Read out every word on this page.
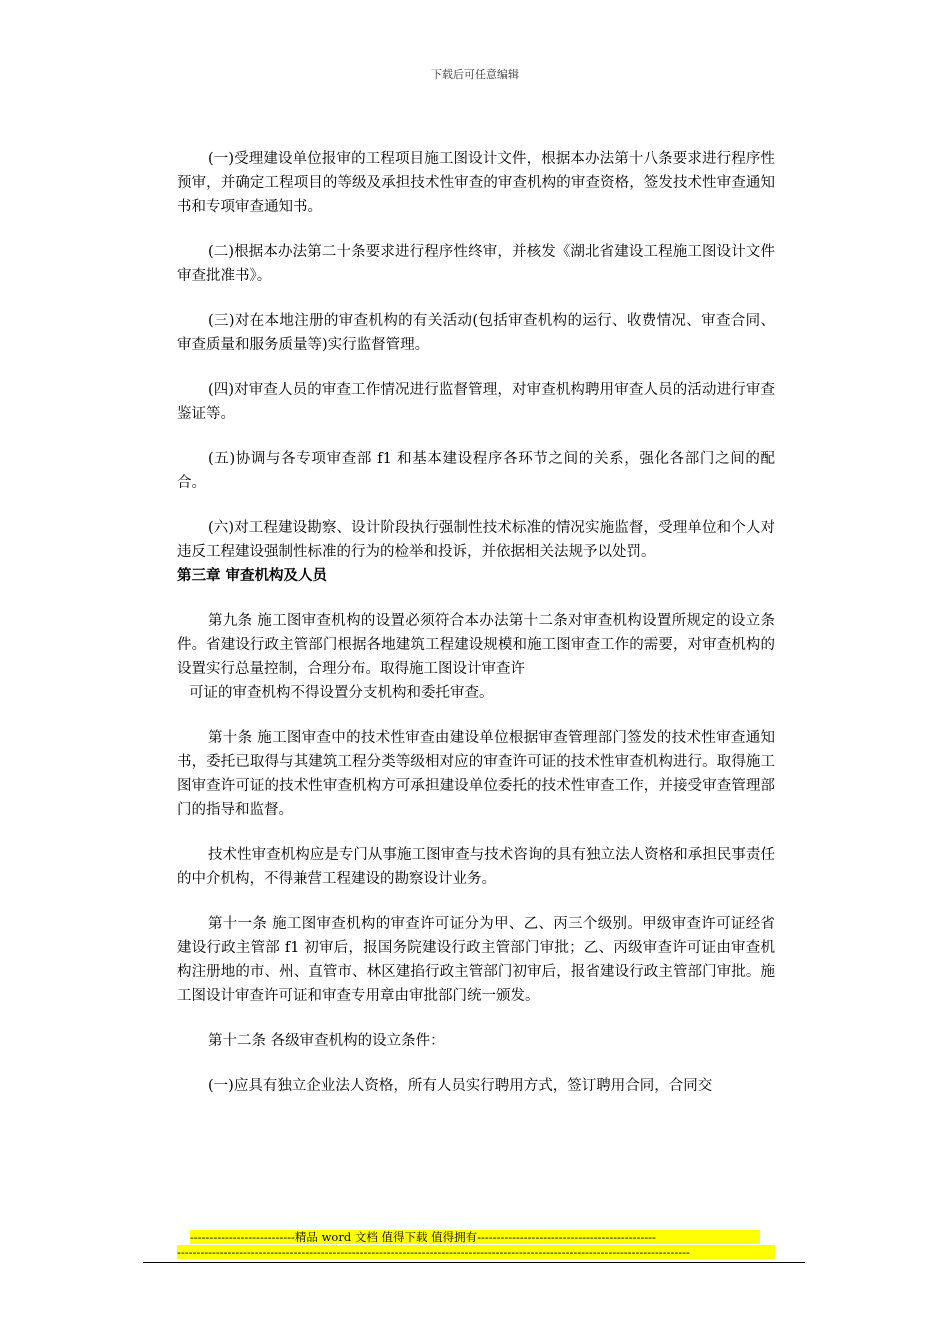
下载后可任意编辑

(一)受理建设单位报审的工程项目施工图设计文件，根据本办法第十八条要求进行程序性预审，并确定工程项目的等级及承担技术性审查的审查机构的审查资格，签发技术性审查通知书和专项审查通知书。

(二)根据本办法第二十条要求进行程序性终审，并核发《湖北省建设工程施工图设计文件审查批准书》。

(三)对在本地注册的审查机构的有关活动(包括审查机构的运行、收费情况、审查合同、审查质量和服务质量等)实行监督管理。

(四)对审查人员的审查工作情况进行监督管理，对审查机构聘用审查人员的活动进行审查鉴证等。

(五)协调与各专项审查部 f1 和基本建设程序各环节之间的关系，强化各部门之间的配合。

(六)对工程建设勘察、设计阶段执行强制性技术标准的情况实施监督，受理单位和个人对违反工程建设强制性标准的行为的检举和投诉，并依据相关法规予以处罚。

第三章 审查机构及人员

第九条 施工图审查机构的设置必须符合本办法第十二条对审查机构设置所规定的设立条件。省建设行政主管部门根据各地建筑工程建设规模和施工图审查工作的需要，对审查机构的设置实行总量控制，合理分布。取得施工图设计审查许

可证的审查机构不得设置分支机构和委托审查。

第十条 施工图审查中的技术性审查由建设单位根据审查管理部门签发的技术性审查通知书，委托已取得与其建筑工程分类等级相对应的审查许可证的技术性审查机构进行。取得施工图审查许可证的技术性审查机构方可承担建设单位委托的技术性审查工作，并接受审查管理部门的指导和监督。

技术性审查机构应是专门从事施工图审查与技术咨询的具有独立法人资格和承担民事责任的中介机构，不得兼营工程建设的勘察设计业务。

第十一条 施工图审查机构的审查许可证分为甲、乙、丙三个级别。甲级审查许可证经省建设行政主管部 f1 初审后，报国务院建设行政主管部门审批；乙、丙级审查许可证由审查机构注册地的市、州、直管市、林区建掐行政主管部门初审后，报省建设行政主管部门审批。施工图设计审查许可证和审查专用章由审批部门统一颁发。

第十二条 各级审查机构的设立条件：

(一)应具有独立企业法人资格，所有人员实行聘用方式，签订聘用合同，合同交

---------------------------精品 word 文档 值得下载 值得拥有----------------------------------------------
------------------------------------------------------------------------------------------------------------------------------------
